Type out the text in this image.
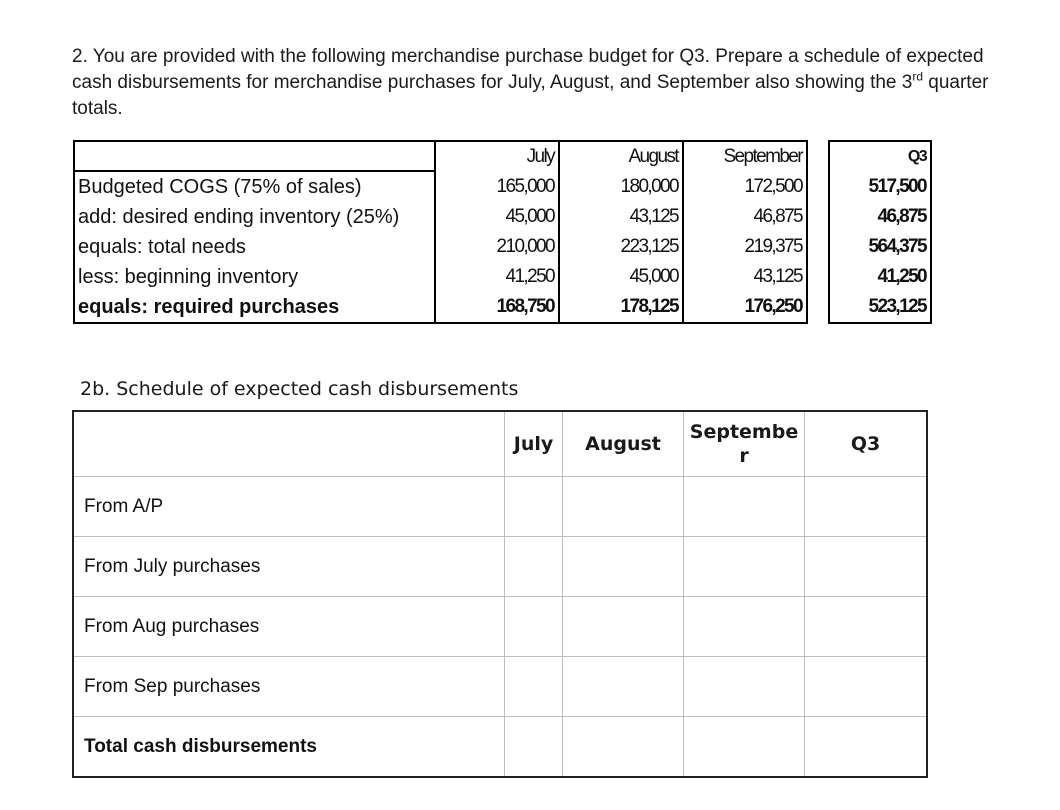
2. You are provided with the following merchandise purchase budget for Q3. Prepare a schedule of expected cash disbursements for merchandise purchases for July, August, and September also showing the 3rd quarter totals.
	July	August	September		Q3
Budgeted COGS (75% of sales)	165,000	180,000	172,500		517,500
add: desired ending inventory (25%)	45,000	43,125	46,875		46,875
equals: total needs	210,000	223,125	219,375		564,375
less: beginning inventory	41,250	45,000	43,125		41,250
equals: required purchases	168,750	178,125	176,250		523,125
2b. Schedule of expected cash disbursements

	July	August	September	Q3

From A/P				
From July purchases				
From Aug purchases				
From Sep purchases				
Total cash disbursements				
